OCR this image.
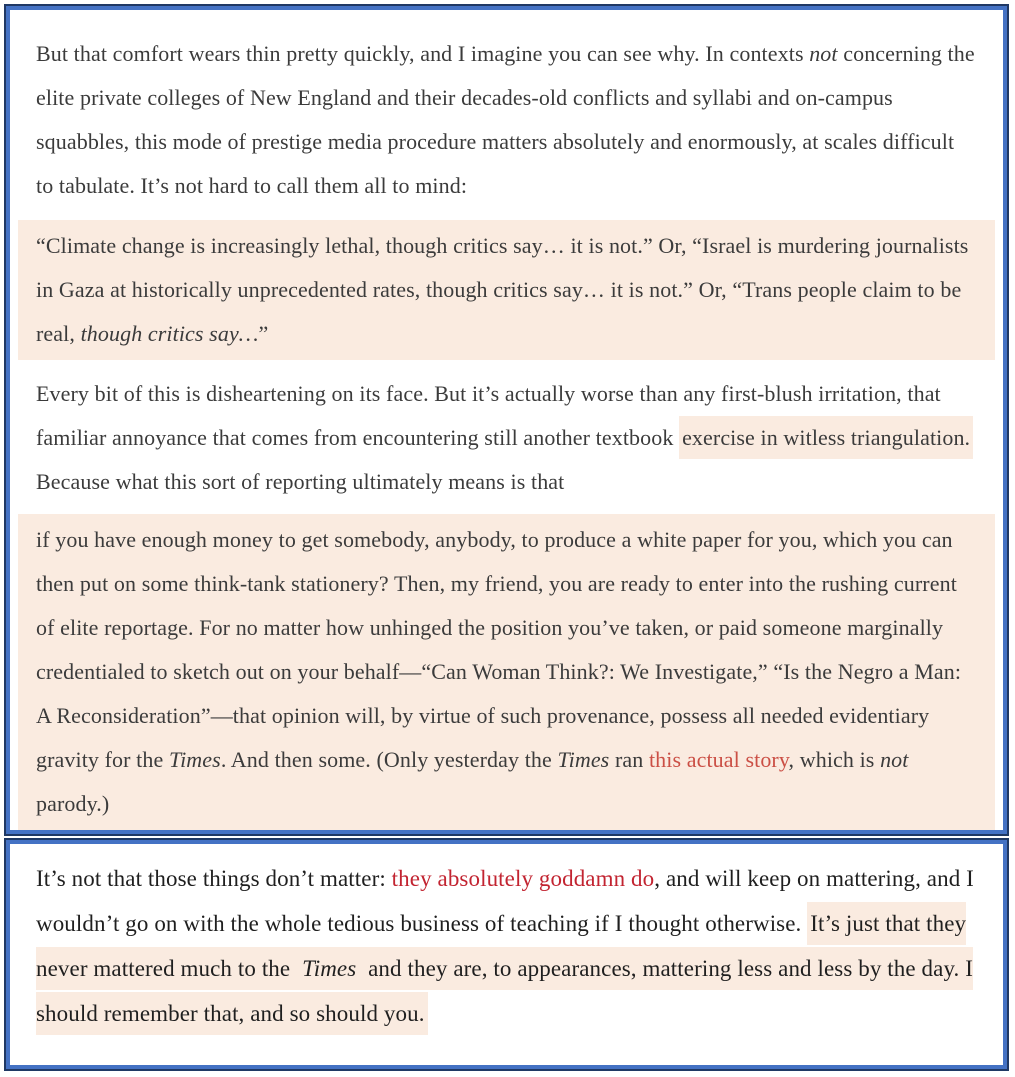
But that comfort wears thin pretty quickly, and I imagine you can see why. In contexts not concerning the elite private colleges of New England and their decades-old conflicts and syllabi and on-campus squabbles, this mode of prestige media procedure matters absolutely and enormously, at scales difficult to tabulate. It’s not hard to call them all to mind:
“Climate change is increasingly lethal, though critics say… it is not.” Or, “Israel is murdering journalists in Gaza at historically unprecedented rates, though critics say… it is not.” Or, “Trans people claim to be real, though critics say…”
Every bit of this is disheartening on its face. But it’s actually worse than any first-blush irritation, that familiar annoyance that comes from encountering still another textbook exercise in witless triangulation. Because what this sort of reporting ultimately means is that
if you have enough money to get somebody, anybody, to produce a white paper for you, which you can then put on some think-tank stationery? Then, my friend, you are ready to enter into the rushing current of elite reportage. For no matter how unhinged the position you’ve taken, or paid someone marginally credentialed to sketch out on your behalf—“Can Woman Think?: We Investigate,” “Is the Negro a Man: A Reconsideration”—that opinion will, by virtue of such provenance, possess all needed evidentiary gravity for the Times. And then some. (Only yesterday the Times ran this actual story, which is not parody.)
It’s not that those things don’t matter: they absolutely goddamn do, and will keep on mattering, and I wouldn’t go on with the whole tedious business of teaching if I thought otherwise. It’s just that they never mattered much to the Times and they are, to appearances, mattering less and less by the day. I should remember that, and so should you.
